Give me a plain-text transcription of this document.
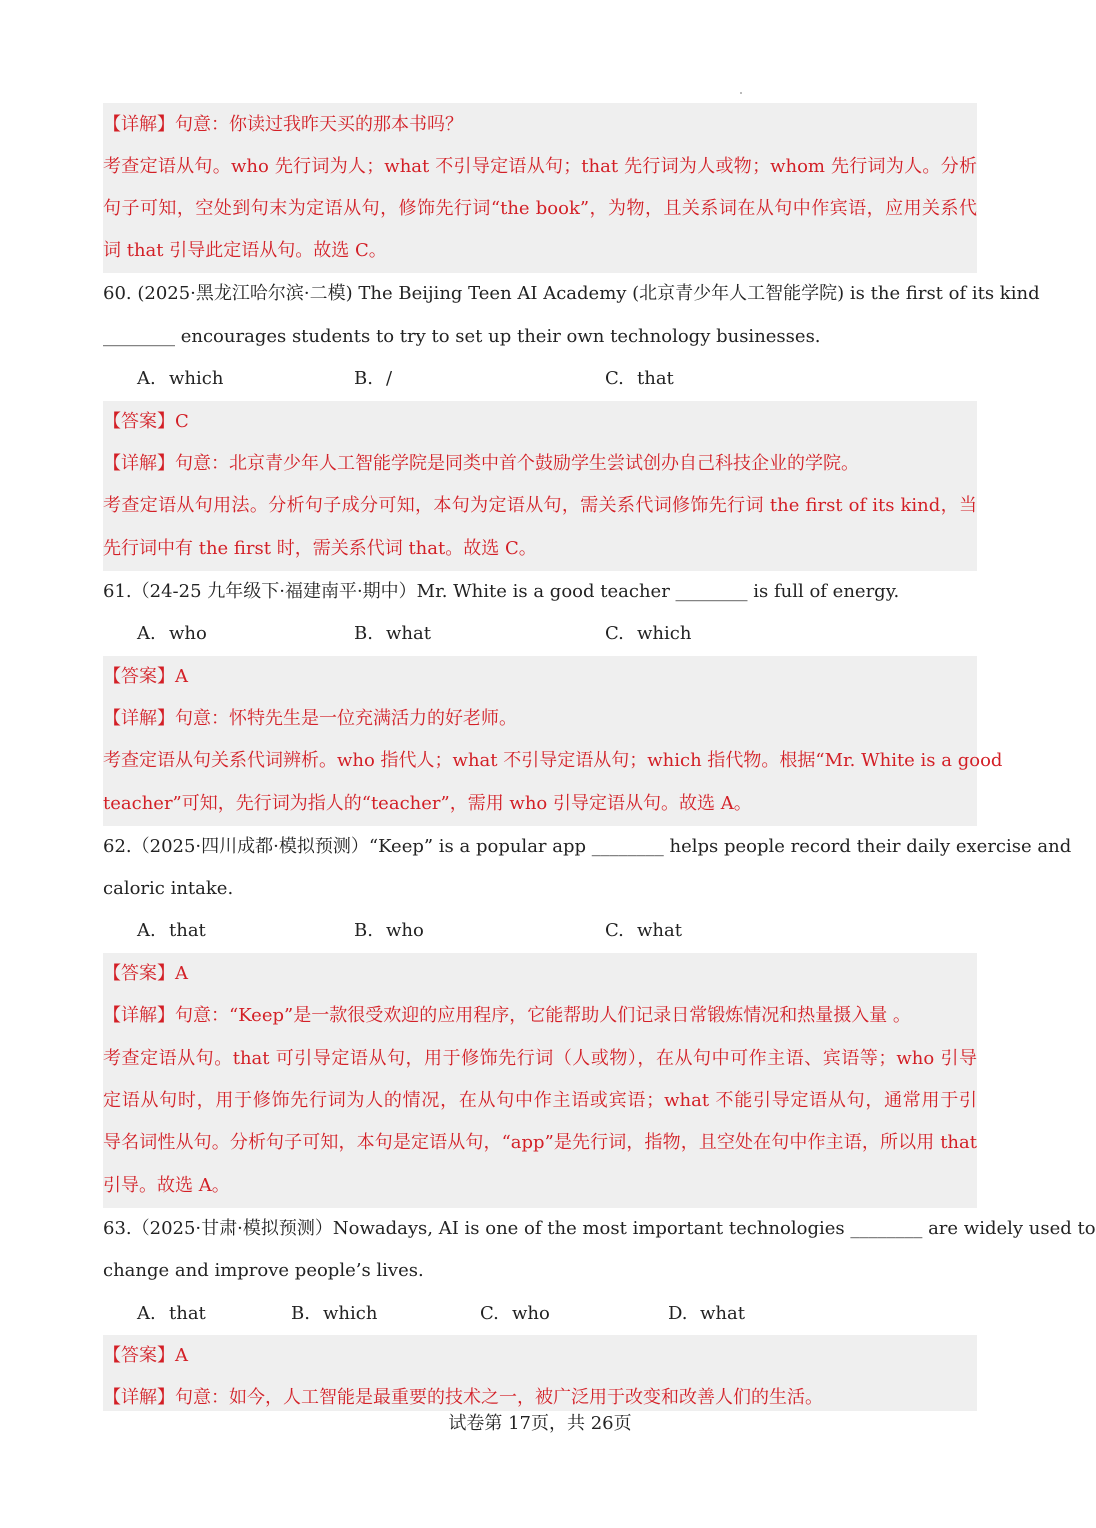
【详解】句意：你读过我昨天买的那本书吗？
考查定语从句。who 先行词为人；what 不引导定语从句；that 先行词为人或物；whom 先行词为人。分析
句子可知，空处到句末为定语从句，修饰先行词“the book”，为物，且关系词在从句中作宾语，应用关系代
词 that 引导此定语从句。故选 C。
60. (2025·黑龙江哈尔滨·二模) The Beijing Teen AI Academy (北京青少年人工智能学院) is the first of its kind
________ encourages students to try to set up their own technology businesses.
A. which	B. /	C. that
【答案】C
【详解】句意：北京青少年人工智能学院是同类中首个鼓励学生尝试创办自己科技企业的学院。
考查定语从句用法。分析句子成分可知，本句为定语从句，需关系代词修饰先行词 the first of its kind，当
先行词中有 the first 时，需关系代词 that。故选 C。
61.（24-25 九年级下·福建南平·期中）Mr. White is a good teacher ________ is full of energy.
A. who	B. what	C. which
【答案】A
【详解】句意：怀特先生是一位充满活力的好老师。
考查定语从句关系代词辨析。who 指代人；what 不引导定语从句；which 指代物。根据“Mr. White is a good
teacher”可知，先行词为指人的“teacher”，需用 who 引导定语从句。故选 A。
62.（2025·四川成都·模拟预测）“Keep” is a popular app ________ helps people record their daily exercise and
caloric intake.
A. that	B. who	C. what
【答案】A
【详解】句意：“Keep”是一款很受欢迎的应用程序，它能帮助人们记录日常锻炼情况和热量摄入量 。
考查定语从句。that 可引导定语从句，用于修饰先行词（人或物），在从句中可作主语、宾语等；who 引导
定语从句时，用于修饰先行词为人的情况，在从句中作主语或宾语；what 不能引导定语从句，通常用于引
导名词性从句。分析句子可知，本句是定语从句，“app”是先行词，指物，且空处在句中作主语，所以用 that
引导。故选 A。
63.（2025·甘肃·模拟预测）Nowadays, AI is one of the most important technologies ________ are widely used to
change and improve people’s lives.
A. that	B. which	C. who	D. what
【答案】A
【详解】句意：如今，人工智能是最重要的技术之一，被广泛用于改变和改善人们的生活。
试卷第 17页，共 26页
